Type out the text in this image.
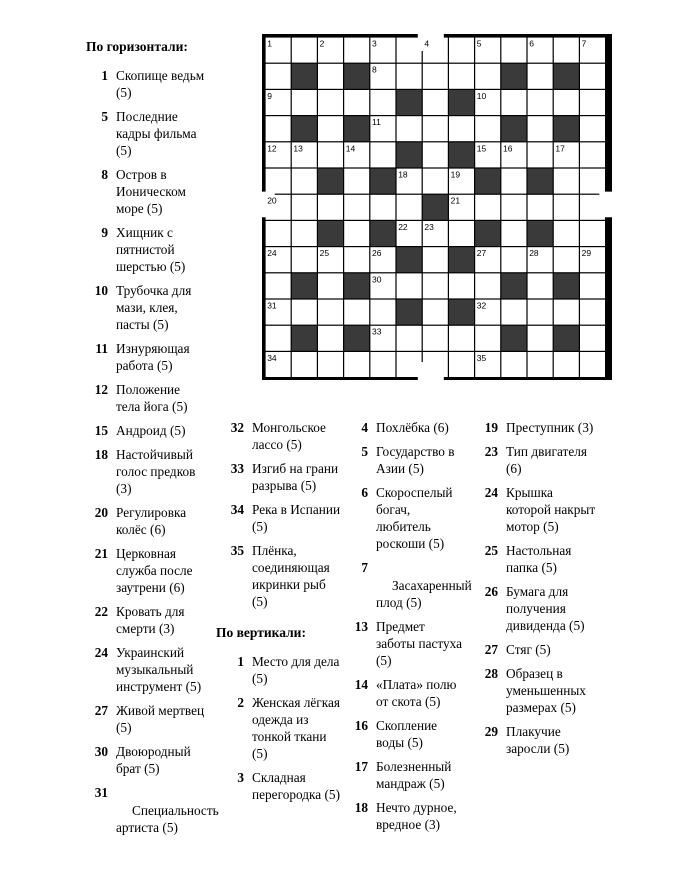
1	2	3	4	5	6	7
8
9	10
11
12 13	14	15 16	17
18	19
20	21
22 23
24	25	26	27	28	29
30
31	32
33
34	35
По горизонтали:
1 Скопище ведьм (5)
5 Последние кадры фильма (5)
8 Остров в Ионическом море (5)
9 Хищник с пятнистой шерстью (5)
10 Трубочка для мази, клея, пасты (5)
11 Изнуряющая работа (5)
12 Положение тела йога (5)
15 Андроид (5)
18 Настойчивый голос предков (3)
20 Регулировка колёс (6)
21 Церковная служба после заутрени (6)
22 Кровать для смерти (3)
24 Украинский музыкальный инструмент (5)
27 Живой мертвец (5)
30 Двоюродный брат (5)
31
Специальность артиста (5)
32 Монгольское лассо (5)
33 Изгиб на грани разрыва (5)
34 Река в Испании (5)
35 Плёнка, соединяющая икринки рыб (5)
По вертикали:
1 Место для дела (5)
2 Женская лёгкая одежда из тонкой ткани (5)
3 Складная перегородка (5)
4 Похлёбка (6)
5 Государство в Азии (5)
6 Скороспелый богач, любитель роскоши (5)
7
Засахаренный плод (5)
13 Предмет заботы пастуха (5)
14 «Плата» полю от скота (5)
16 Скопление воды (5)
17 Болезненный мандраж (5)
18 Нечто дурное, вредное (3)
19 Преступник (3)
23 Тип двигателя (6)
24 Крышка которой накрыт мотор (5)
25 Настольная папка (5)
26 Бумага для получения дивиденда (5)
27 Стяг (5)
28 Образец в уменьшенных размерах (5)
29 Плакучие заросли (5)
